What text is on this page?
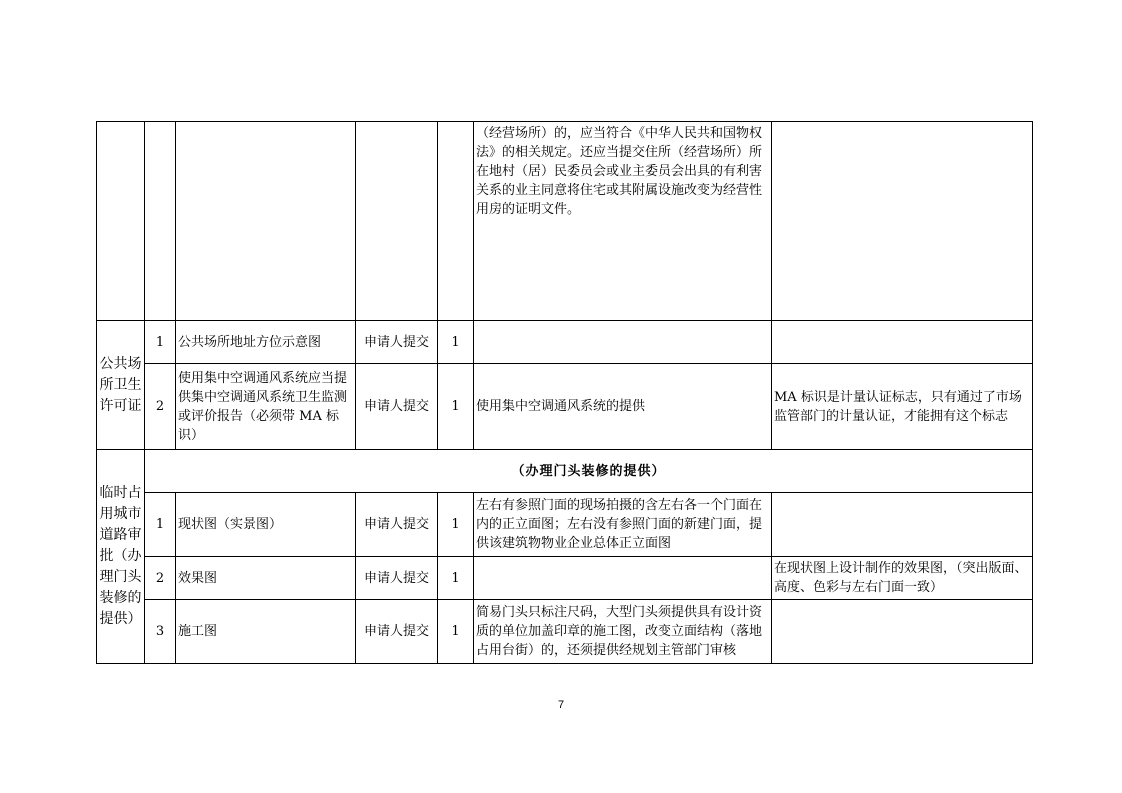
					（经营场所）的，应当符合《中华人民共和国物权法》的相关规定。还应当提交住所（经营场所）所在地村（居）民委员会或业主委员会出具的有利害关系的业主同意将住宅或其附属设施改变为经营性用房的证明文件。	
公共场所卫生许可证	1	公共场所地址方位示意图	申请人提交	1		
	2	使用集中空调通风系统应当提供集中空调通风系统卫生监测或评价报告（必须带 MA 标识）	申请人提交	1	使用集中空调通风系统的提供	MA 标识是计量认证标志，只有通过了市场监管部门的计量认证，才能拥有这个标志
临时占用城市道路审批（办理门头装修的提供）	（办理门头装修的提供）					
	1	现状图（实景图）	申请人提交	1	左右有参照门面的现场拍摄的含左右各一个门面在内的正立面图；左右没有参照门面的新建门面，提供该建筑物物业企业总体正立面图	
	2	效果图	申请人提交	1		在现状图上设计制作的效果图，（突出版面、高度、色彩与左右门面一致）
	3	施工图	申请人提交	1	简易门头只标注尺码，大型门头须提供具有设计资质的单位加盖印章的施工图，改变立面结构（落地占用台街）的，还须提供经规划主管部门审核	
7
